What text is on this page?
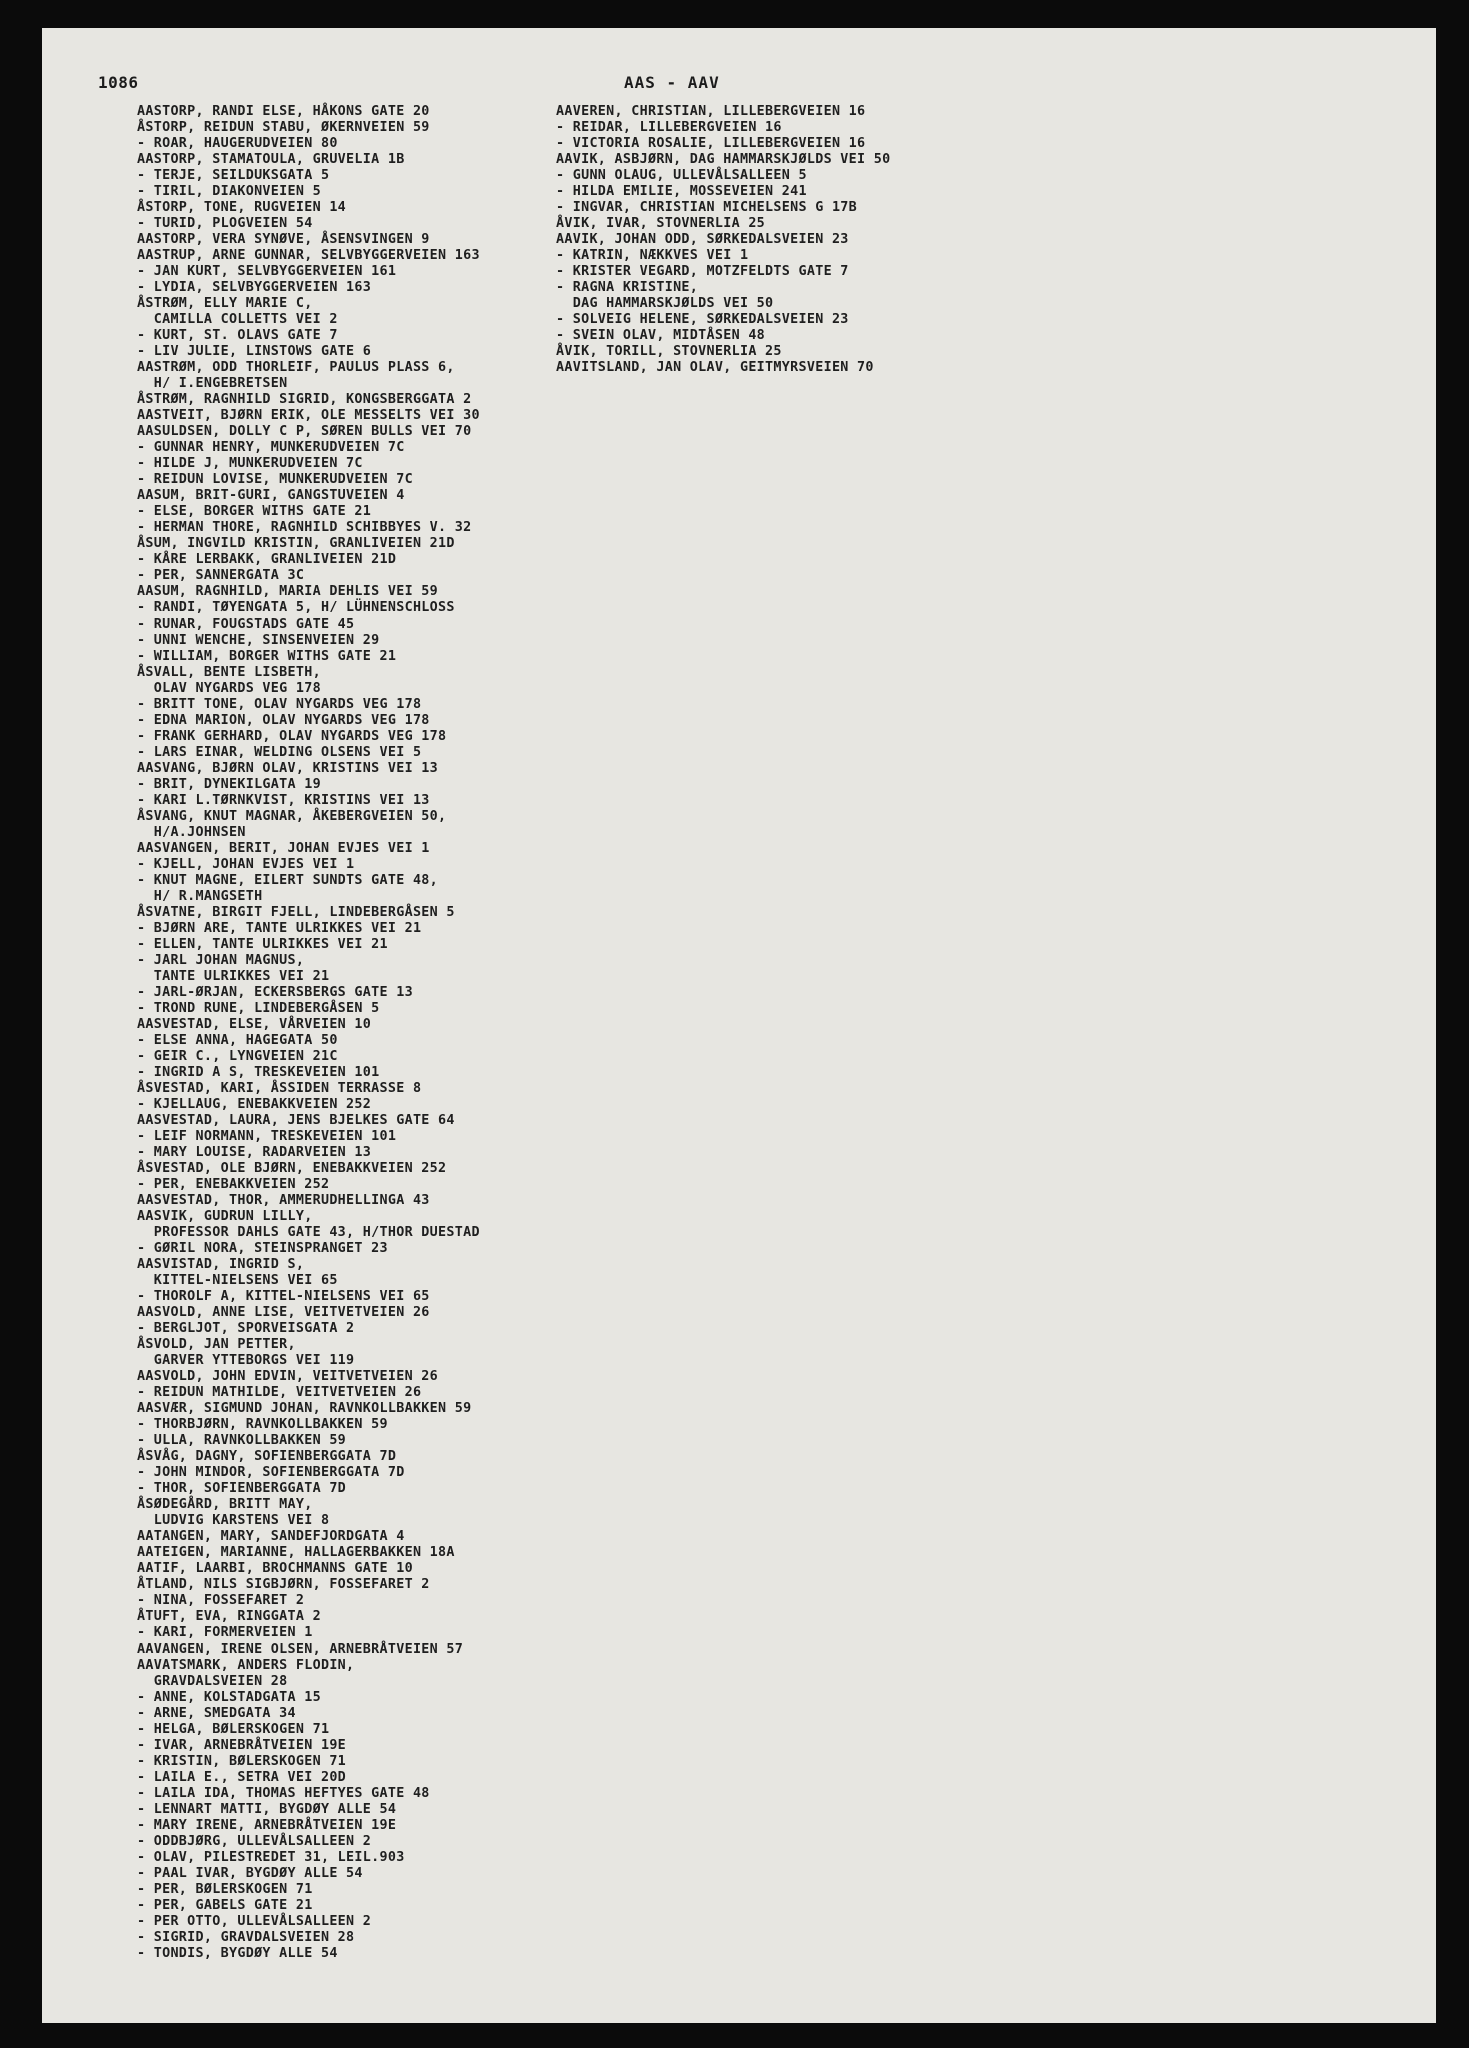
1086	AAS - AAV
AASTORP, RANDI ELSE, HÅKONS GATE 20
ÅSTORP, REIDUN STABU, ØKERNVEIEN 59
- ROAR, HAUGERUDVEIEN 80
AASTORP, STAMATOULA, GRUVELIA 1B
- TERJE, SEILDUKSGATA 5
- TIRIL, DIAKONVEIEN 5
ÅSTORP, TONE, RUGVEIEN 14
- TURID, PLOGVEIEN 54
AASTORP, VERA SYNØVE, ÅSENSVINGEN 9
AASTRUP, ARNE GUNNAR, SELVBYGGERVEIEN 163
- JAN KURT, SELVBYGGERVEIEN 161
- LYDIA, SELVBYGGERVEIEN 163
ÅSTRØM, ELLY MARIE C,
CAMILLA COLLETTS VEI 2
- KURT, ST. OLAVS GATE 7
- LIV JULIE, LINSTOWS GATE 6
AASTRØM, ODD THORLEIF, PAULUS PLASS 6,
H/ I.ENGEBRETSEN
ÅSTRØM, RAGNHILD SIGRID, KONGSBERGGATA 2
AASTVEIT, BJØRN ERIK, OLE MESSELTS VEI 30
AASULDSEN, DOLLY C P, SØREN BULLS VEI 70
- GUNNAR HENRY, MUNKERUDVEIEN 7C
- HILDE J, MUNKERUDVEIEN 7C
- REIDUN LOVISE, MUNKERUDVEIEN 7C
AASUM, BRIT-GURI, GANGSTUVEIEN 4
- ELSE, BORGER WITHS GATE 21
- HERMAN THORE, RAGNHILD SCHIBBYES V. 32
ÅSUM, INGVILD KRISTIN, GRANLIVEIEN 21D
- KÅRE LERBAKK, GRANLIVEIEN 21D
- PER, SANNERGATA 3C
AASUM, RAGNHILD, MARIA DEHLIS VEI 59
- RANDI, TØYENGATA 5, H/ LÜHNENSCHLOSS
- RUNAR, FOUGSTADS GATE 45
- UNNI WENCHE, SINSENVEIEN 29
- WILLIAM, BORGER WITHS GATE 21
ÅSVALL, BENTE LISBETH,
OLAV NYGARDS VEG 178
- BRITT TONE, OLAV NYGARDS VEG 178
- EDNA MARION, OLAV NYGARDS VEG 178
- FRANK GERHARD, OLAV NYGARDS VEG 178
- LARS EINAR, WELDING OLSENS VEI 5
AASVANG, BJØRN OLAV, KRISTINS VEI 13
- BRIT, DYNEKILGATA 19
- KARI L.TØRNKVIST, KRISTINS VEI 13
ÅSVANG, KNUT MAGNAR, ÅKEBERGVEIEN 50,
H/A.JOHNSEN
AASVANGEN, BERIT, JOHAN EVJES VEI 1
- KJELL, JOHAN EVJES VEI 1
- KNUT MAGNE, EILERT SUNDTS GATE 48,
H/ R.MANGSETH
ÅSVATNE, BIRGIT FJELL, LINDEBERGÅSEN 5
- BJØRN ARE, TANTE ULRIKKES VEI 21
- ELLEN, TANTE ULRIKKES VEI 21
- JARL JOHAN MAGNUS,
TANTE ULRIKKES VEI 21
- JARL-ØRJAN, ECKERSBERGS GATE 13
- TROND RUNE, LINDEBERGÅSEN 5
AASVESTAD, ELSE, VÅRVEIEN 10
- ELSE ANNA, HAGEGATA 50
- GEIR C., LYNGVEIEN 21C
- INGRID A S, TRESKEVEIEN 101
ÅSVESTAD, KARI, ÅSSIDEN TERRASSE 8
- KJELLAUG, ENEBAKKVEIEN 252
AASVESTAD, LAURA, JENS BJELKES GATE 64
- LEIF NORMANN, TRESKEVEIEN 101
- MARY LOUISE, RADARVEIEN 13
ÅSVESTAD, OLE BJØRN, ENEBAKKVEIEN 252
- PER, ENEBAKKVEIEN 252
AASVESTAD, THOR, AMMERUDHELLINGA 43
AASVIK, GUDRUN LILLY,
PROFESSOR DAHLS GATE 43, H/THOR DUESTAD
- GØRIL NORA, STEINSPRANGET 23
AASVISTAD, INGRID S,
KITTEL-NIELSENS VEI 65
- THOROLF A, KITTEL-NIELSENS VEI 65
AASVOLD, ANNE LISE, VEITVETVEIEN 26
- BERGLJOT, SPORVEISGATA 2
ÅSVOLD, JAN PETTER,
GARVER YTTEBORGS VEI 119
AASVOLD, JOHN EDVIN, VEITVETVEIEN 26
- REIDUN MATHILDE, VEITVETVEIEN 26
AASVÆR, SIGMUND JOHAN, RAVNKOLLBAKKEN 59
- THORBJØRN, RAVNKOLLBAKKEN 59
- ULLA, RAVNKOLLBAKKEN 59
ÅSVÅG, DAGNY, SOFIENBERGGATA 7D
- JOHN MINDOR, SOFIENBERGGATA 7D
- THOR, SOFIENBERGGATA 7D
ÅSØDEGÅRD, BRITT MAY,
LUDVIG KARSTENS VEI 8
AATANGEN, MARY, SANDEFJORDGATA 4
AATEIGEN, MARIANNE, HALLAGERBAKKEN 18A
AATIF, LAARBI, BROCHMANNS GATE 10
ÅTLAND, NILS SIGBJØRN, FOSSEFARET 2
- NINA, FOSSEFARET 2
ÅTUFT, EVA, RINGGATA 2
- KARI, FORMERVEIEN 1
AAVANGEN, IRENE OLSEN, ARNEBRÅTVEIEN 57
AAVATSMARK, ANDERS FLODIN,
GRAVDALSVEIEN 28
- ANNE, KOLSTADGATA 15
- ARNE, SMEDGATA 34
- HELGA, BØLERSKOGEN 71
- IVAR, ARNEBRÅTVEIEN 19E
- KRISTIN, BØLERSKOGEN 71
- LAILA E., SETRA VEI 20D
- LAILA IDA, THOMAS HEFTYES GATE 48
- LENNART MATTI, BYGDØY ALLE 54
- MARY IRENE, ARNEBRÅTVEIEN 19E
- ODDBJØRG, ULLEVÅLSALLEEN 2
- OLAV, PILESTREDET 31, LEIL.903
- PAAL IVAR, BYGDØY ALLE 54
- PER, BØLERSKOGEN 71
- PER, GABELS GATE 21
- PER OTTO, ULLEVÅLSALLEEN 2
- SIGRID, GRAVDALSVEIEN 28
- TONDIS, BYGDØY ALLE 54
AAVEREN, CHRISTIAN, LILLEBERGVEIEN 16
- REIDAR, LILLEBERGVEIEN 16
- VICTORIA ROSALIE, LILLEBERGVEIEN 16
AAVIK, ASBJØRN, DAG HAMMARSKJØLDS VEI 50
- GUNN OLAUG, ULLEVÅLSALLEEN 5
- HILDA EMILIE, MOSSEVEIEN 241
- INGVAR, CHRISTIAN MICHELSENS G 17B
ÅVIK, IVAR, STOVNERLIA 25
AAVIK, JOHAN ODD, SØRKEDALSVEIEN 23
- KATRIN, NÆKKVES VEI 1
- KRISTER VEGARD, MOTZFELDTS GATE 7
- RAGNA KRISTINE,
DAG HAMMARSKJØLDS VEI 50
- SOLVEIG HELENE, SØRKEDALSVEIEN 23
- SVEIN OLAV, MIDTÅSEN 48
ÅVIK, TORILL, STOVNERLIA 25
AAVITSLAND, JAN OLAV, GEITMYRSVEIEN 70
